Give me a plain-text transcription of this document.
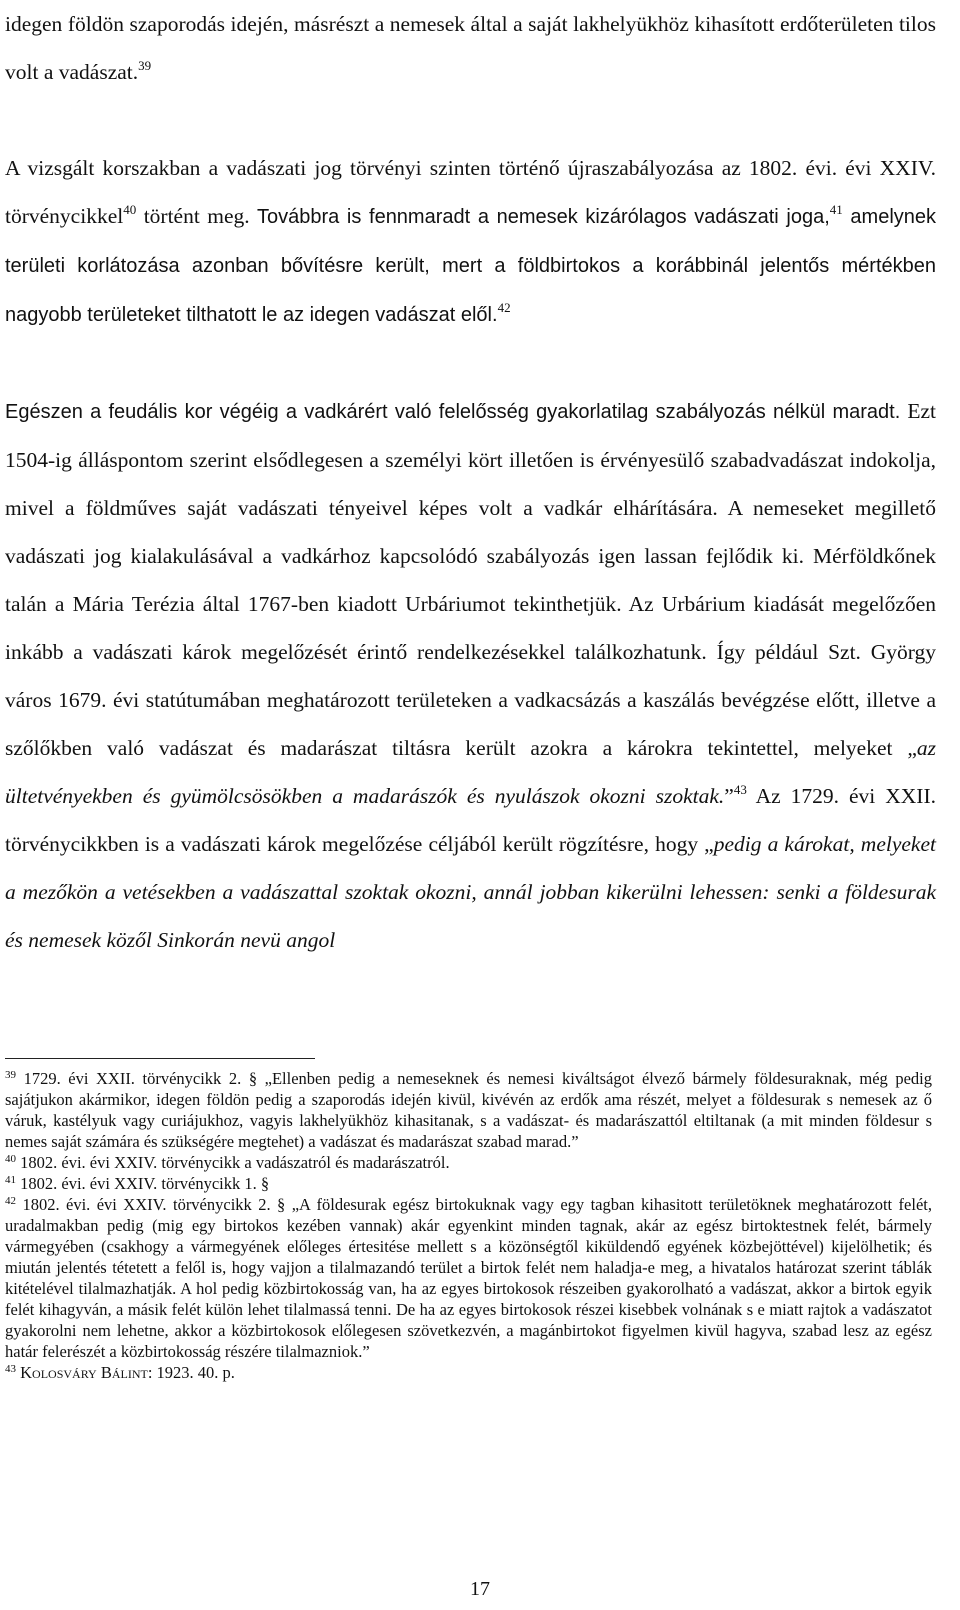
idegen földön szaporodás idején, másrészt a nemesek által a saját lakhelyükhöz kihasított erdőterületen tilos volt a vadászat.$^{39}$

A vizsgált korszakban a vadászati jog törvényi szinten történő újraszabályozása az 1802. évi. évi XXIV. törvénycikkel$^{40}$ történt meg. Továbbra is fennmaradt a nemesek kizárólagos vadászati joga,$^{41}$ amelynek területi korlátozása azonban bővítésre került, mert a földbirtokos a korábbinál jelentős mértékben nagyobb területeket tilthatott le az idegen vadászat elől.$^{42}$

Egészen a feudális kor végéig a vadkárért való felelősség gyakorlatilag szabályozás nélkül maradt. Ezt 1504-ig álláspontom szerint elsődlegesen a személyi kört illetően is érvényesülő szabadvadászat indokolja, mivel a földműves saját vadászati tényeivel képes volt a vadkár elhárítására. A nemeseket megillető vadászati jog kialakulásával a vadkárhoz kapcsolódó szabályozás igen lassan fejlődik ki. Mérföldkőnek talán a Mária Terézia által 1767-ben kiadott Urbáriumot tekinthetjük. Az Urbárium kiadását megelőzően inkább a vadászati károk megelőzését érintő rendelkezésekkel találkozhatunk. Így például Szt. György város 1679. évi statútumában meghatározott területeken a vadkacsázás a kaszálás bevégzése előtt, illetve a szőlőkben való vadászat és madarászat tiltásra került azokra a károkra tekintettel, melyeket „az ültetvényekben és gyümölcsösökben a madarászók és nyulászok okozni szoktak.”$^{43}$ Az 1729. évi XXII. törvénycikkben is a vadászati károk megelőzése céljából került rögzítésre, hogy „pedig a károkat, melyeket a mezőkön a vetésekben a vadászattal szoktak okozni, annál jobban kikerülni lehessen: senki a földesurak és nemesek közől Sinkorán nevü angol

$^{39}$ 1729. évi XXII. törvénycikk 2. § „Ellenben pedig a nemeseknek és nemesi kiváltságot élvező bármely földesuraknak, még pedig sajátjukon akármikor, idegen földön pedig a szaporodás idején kivül, kivévén az erdők ama részét, melyet a földesurak s nemesek az ő váruk, kastélyuk vagy curiájukhoz, vagyis lakhelyükhöz kihasitanak, s a vadászat- és madarászattól eltiltanak (a mit minden földesur s nemes saját számára és szükségére megtehet) a vadászat és madarászat szabad marad.”

$^{40}$ 1802. évi. évi XXIV. törvénycikk a vadászatról és madarászatról.

$^{41}$ 1802. évi. évi XXIV. törvénycikk 1. §

$^{42}$ 1802. évi. évi XXIV. törvénycikk 2. § „A földesurak egész birtokuknak vagy egy tagban kihasitott területöknek meghatározott felét, uradalmakban pedig (mig egy birtokos kezében vannak) akár egyenkint minden tagnak, akár az egész birtoktestnek felét, bármely vármegyében (csakhogy a vármegyének előleges értesitése mellett s a közönségtől kiküldendő egyének közbejöttével) kijelölhetik; és miután jelentés tétetett a felől is, hogy vajjon a tilalmazandó terület a birtok felét nem haladja-e meg, a hivatalos határozat szerint táblák kitételével tilalmazhatják. A hol pedig közbirtokosság van, ha az egyes birtokosok részeiben gyakorolható a vadászat, akkor a birtok egyik felét kihagyván, a másik felét külön lehet tilalmassá tenni. De ha az egyes birtokosok részei kisebbek volnának s e miatt rajtok a vadászatot gyakorolni nem lehetne, akkor a közbirtokosok előlegesen szövetkezvén, a magánbirtokot figyelmen kivül hagyva, szabad lesz az egész határ felerészét a közbirtokosság részére tilalmazniok.”

$^{43}$ Kolosváry Bálint: 1923. 40. p.

17
